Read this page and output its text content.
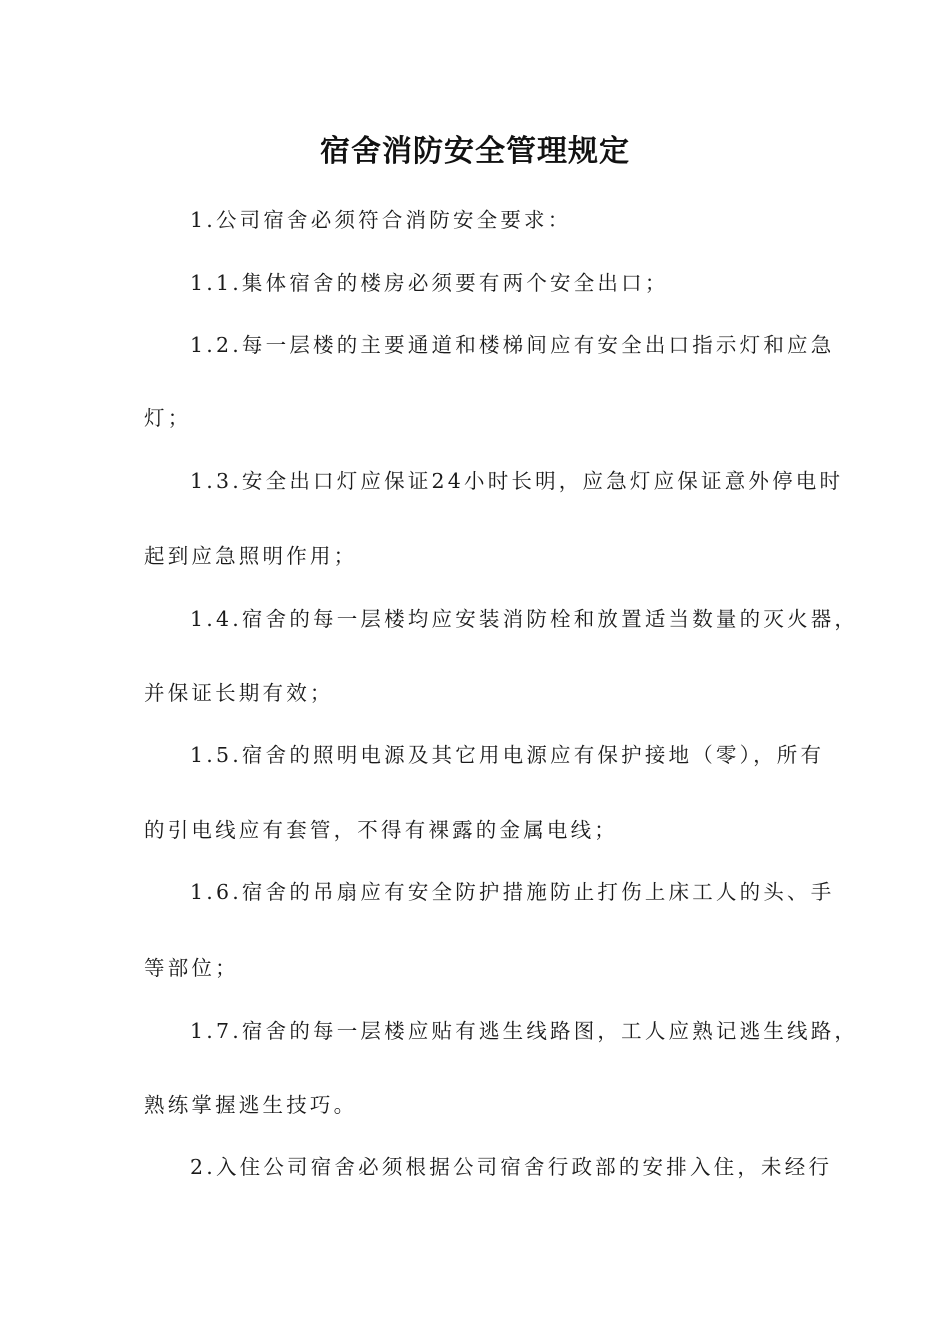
宿舍消防安全管理规定

1.公司宿舍必须符合消防安全要求：

1.1.集体宿舍的楼房必须要有两个安全出口；

1.2.每一层楼的主要通道和楼梯间应有安全出口指示灯和应急

灯；

1.3.安全出口灯应保证24小时长明，应急灯应保证意外停电时

起到应急照明作用；

1.4.宿舍的每一层楼均应安装消防栓和放置适当数量的灭火器，

并保证长期有效；

1.5.宿舍的照明电源及其它用电源应有保护接地（零），所有

的引电线应有套管，不得有裸露的金属电线；

1.6.宿舍的吊扇应有安全防护措施防止打伤上床工人的头、手

等部位；

1.7.宿舍的每一层楼应贴有逃生线路图，工人应熟记逃生线路，

熟练掌握逃生技巧。

2.入住公司宿舍必须根据公司宿舍行政部的安排入住，未经行
